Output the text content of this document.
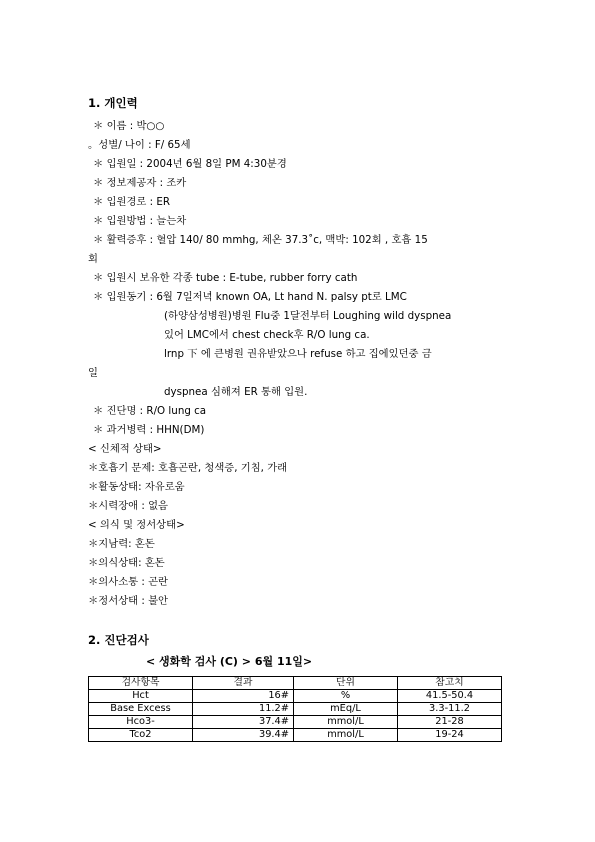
1. 개인력
＊ 이름 : 박○○
。성별/ 나이 : F/ 65세
＊ 입원일 : 2004년 6월 8일 PM 4:30분경
＊ 정보제공자 : 조카
＊ 입원경로 : ER
＊ 입원방법 : 늘는차
＊ 활력증후 : 혈압 140/ 80 mmhg, 체온 37.3˚c, 맥박: 102회 , 호흡 15
회
＊ 입원시 보유한 각종 tube : E-tube, rubber forry cath
＊ 입원동기 : 6월 7일저녁 known OA, Lt hand N. palsy pt로 LMC
(하양삼성병원)병원 Flu중 1달전부터 Loughing wild dyspnea
있어 LMC에서 chest check후 R/O lung ca.
lrnp 下 에 큰병원 권유받았으나 refuse 하고 집에있던중 금
일
dyspnea 심해져 ER 통해 입원.
＊ 진단명 : R/O lung ca
＊ 과거병력 : HHN(DM)
< 신체적 상태>
＊호흡기 문제: 호흡곤란, 청색증, 기침, 가래
＊활동상태: 자유로움
＊시력장애 : 없음
< 의식 및 정서상태>
＊지남력: 혼돈
＊의식상태: 혼돈
＊의사소통 : 곤란
＊정서상태 : 불안
2. 진단검사
< 생화학 검사 (C) > 6월 11일>
검사항목	결과	단위	참고치
Hct	16#	%	41.5-50.4
Base Excess	11.2#	mEq/L	3.3-11.2
Hco3-	37.4#	mmol/L	21-28
Tco2	39.4#	mmol/L	19-24
